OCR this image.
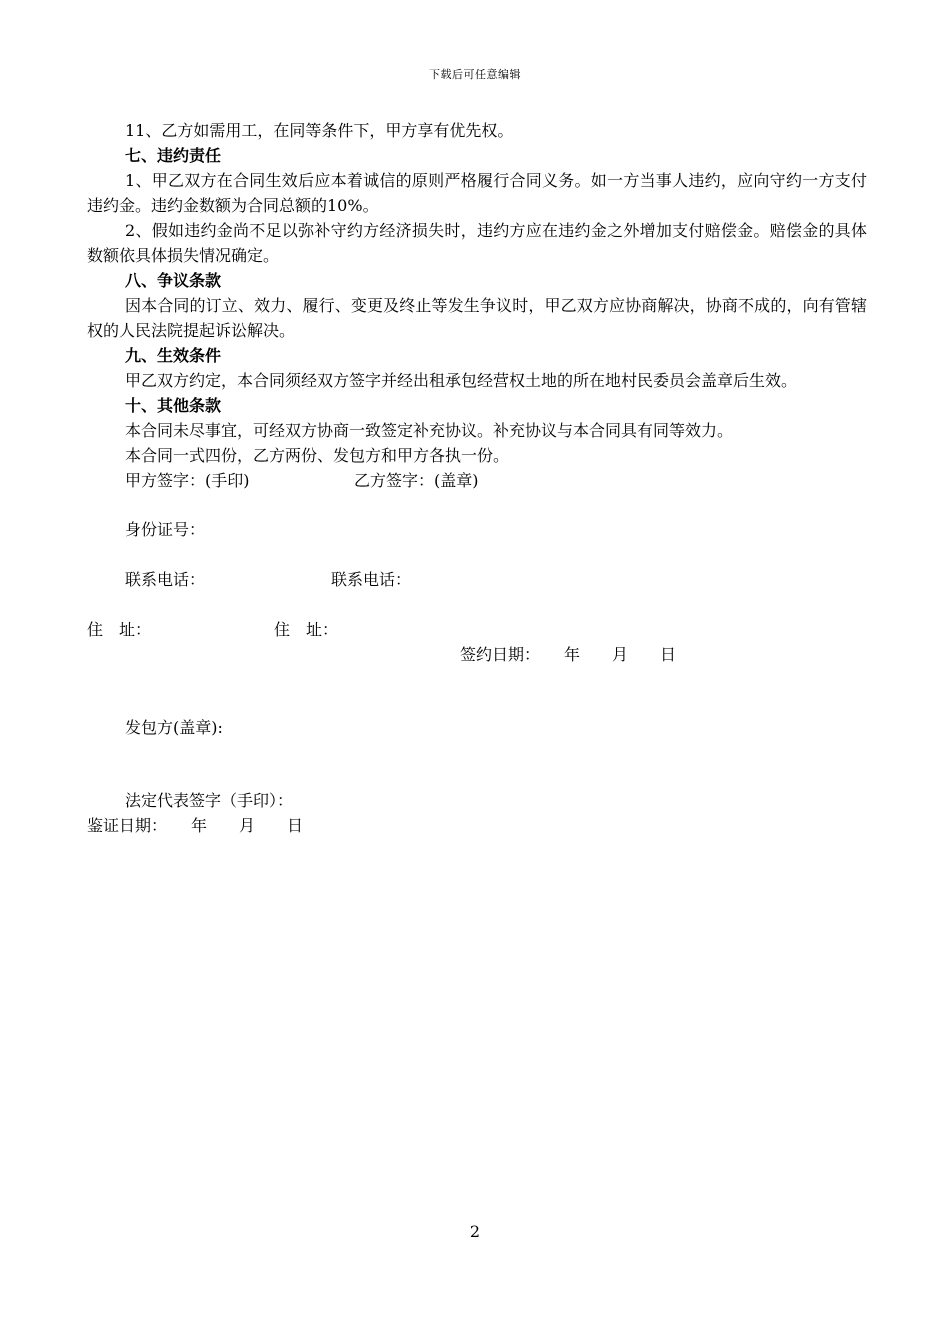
下载后可任意编辑

11、乙方如需用工，在同等条件下，甲方享有优先权。

七、违约责任

1、甲乙双方在合同生效后应本着诚信的原则严格履行合同义务。如一方当事人违约，应向守约一方支付违约金。违约金数额为合同总额的10%。

2、假如违约金尚不足以弥补守约方经济损失时，违约方应在违约金之外增加支付赔偿金。赔偿金的具体数额依具体损失情况确定。

八、争议条款

因本合同的订立、效力、履行、变更及终止等发生争议时，甲乙双方应协商解决，协商不成的，向有管辖权的人民法院提起诉讼解决。

九、生效条件

甲乙双方约定，本合同须经双方签字并经出租承包经营权土地的所在地村民委员会盖章后生效。

十、其他条款

本合同未尽事宜，可经双方协商一致签定补充协议。补充协议与本合同具有同等效力。

本合同一式四份，乙方两份、发包方和甲方各执一份。

甲方签字：(手印)	乙方签字：(盖章)
身份证号：
联系电话：	联系电话：
住　址：	住　址：
签约日期：　　年　　月　　日
发包方(盖章):
法定代表签字（手印）：
鉴证日期：　　年　　月　　日
2
